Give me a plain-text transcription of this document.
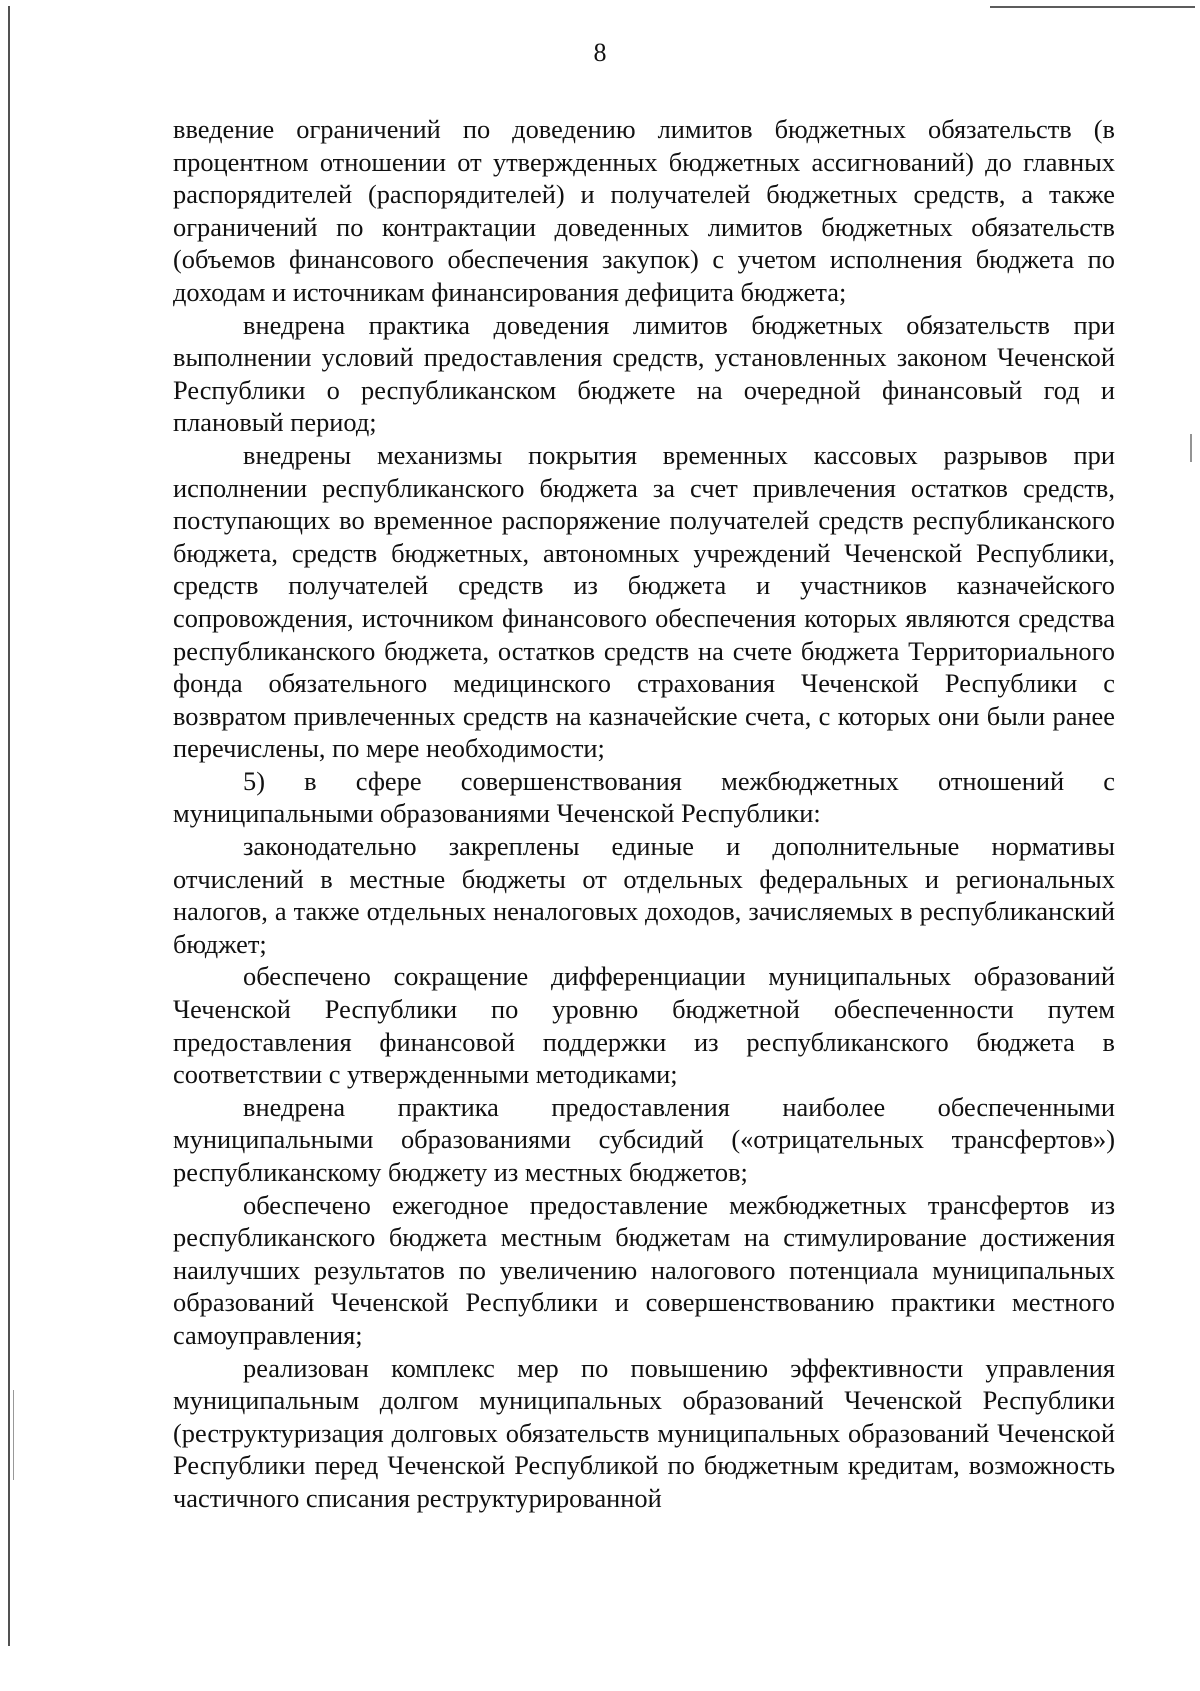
8

введение ограничений по доведению лимитов бюджетных обязательств (в процентном отношении от утвержденных бюджетных ассигнований) до главных распорядителей (распорядителей) и получателей бюджетных средств, а также ограничений по контрактации доведенных лимитов бюджетных обязательств (объемов финансового обеспечения закупок) с учетом исполнения бюджета по доходам и источникам финансирования дефицита бюджета;

внедрена практика доведения лимитов бюджетных обязательств при выполнении условий предоставления средств, установленных законом Чеченской Республики о республиканском бюджете на очередной финансовый год и плановый период;

внедрены механизмы покрытия временных кассовых разрывов при исполнении республиканского бюджета за счет привлечения остатков средств, поступающих во временное распоряжение получателей средств республиканского бюджета, средств бюджетных, автономных учреждений Чеченской Республики, средств получателей средств из бюджета и участников казначейского сопровождения, источником финансового обеспечения которых являются средства республиканского бюджета, остатков средств на счете бюджета Территориального фонда обязательного медицинского страхования Чеченской Республики с возвратом привлеченных средств на казначейские счета, с которых они были ранее перечислены, по мере необходимости;

5) в сфере совершенствования межбюджетных отношений с муниципальными образованиями Чеченской Республики:

законодательно закреплены единые и дополнительные нормативы отчислений в местные бюджеты от отдельных федеральных и региональных налогов, а также отдельных неналоговых доходов, зачисляемых в республиканский бюджет;

обеспечено сокращение дифференциации муниципальных образований Чеченской Республики по уровню бюджетной обеспеченности путем предоставления финансовой поддержки из республиканского бюджета в соответствии с утвержденными методиками;

внедрена практика предоставления наиболее обеспеченными муниципальными образованиями субсидий («отрицательных трансфертов») республиканскому бюджету из местных бюджетов;

обеспечено ежегодное предоставление межбюджетных трансфертов из республиканского бюджета местным бюджетам на стимулирование достижения наилучших результатов по увеличению налогового потенциала муниципальных образований Чеченской Республики и совершенствованию практики местного самоуправления;

реализован комплекс мер по повышению эффективности управления муниципальным долгом муниципальных образований Чеченской Республики (реструктуризация долговых обязательств муниципальных образований Чеченской Республики перед Чеченской Республикой по бюджетным кредитам, возможность частичного списания реструктурированной
